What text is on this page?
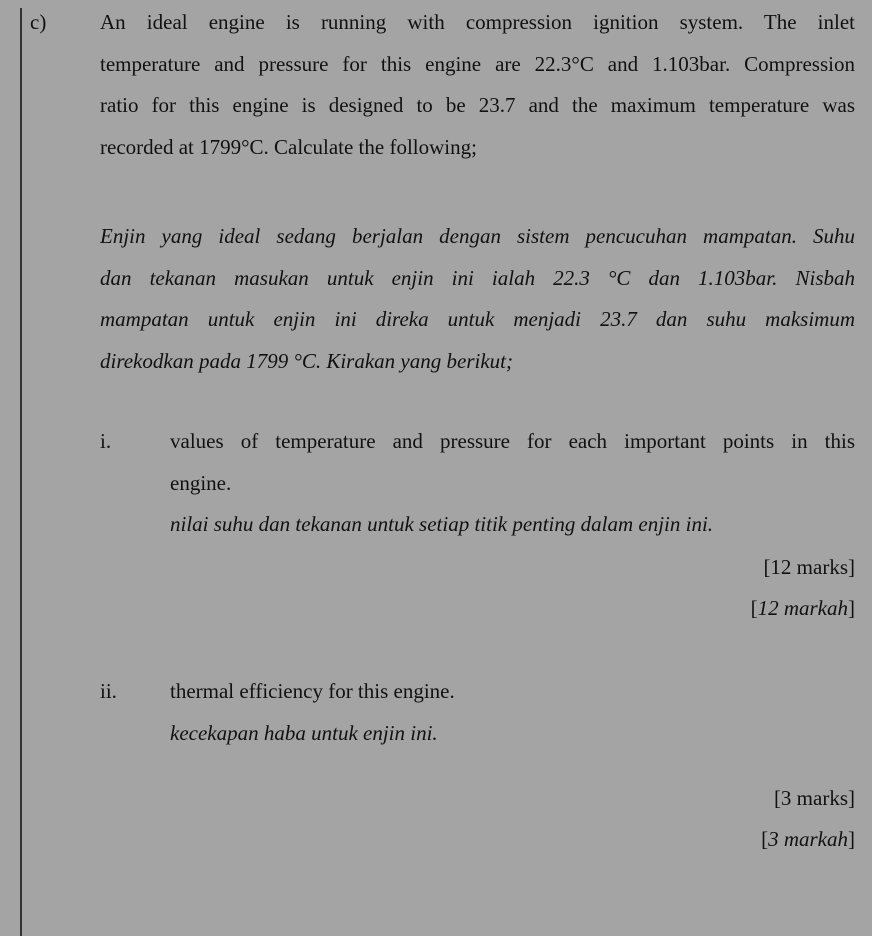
c)	An ideal engine is running with compression ignition system. The inlet
temperature and pressure for this engine are 22.3°C and 1.103bar. Compression
ratio for this engine is designed to be 23.7 and the maximum temperature was
recorded at 1799°C. Calculate the following;
Enjin yang ideal sedang berjalan dengan sistem pencucuhan mampatan. Suhu
dan tekanan masukan untuk enjin ini ialah 22.3 °C dan 1.103bar. Nisbah
mampatan untuk enjin ini direka untuk menjadi 23.7 dan suhu maksimum
direkodkan pada 1799 °C. Kirakan yang berikut;
i.	values of temperature and pressure for each important points in this
engine.
nilai suhu dan tekanan untuk setiap titik penting dalam enjin ini.
[12 marks]
[12 markah]
ii.	thermal efficiency for this engine.
kecekapan haba untuk enjin ini.
[3 marks]
[3 markah]
